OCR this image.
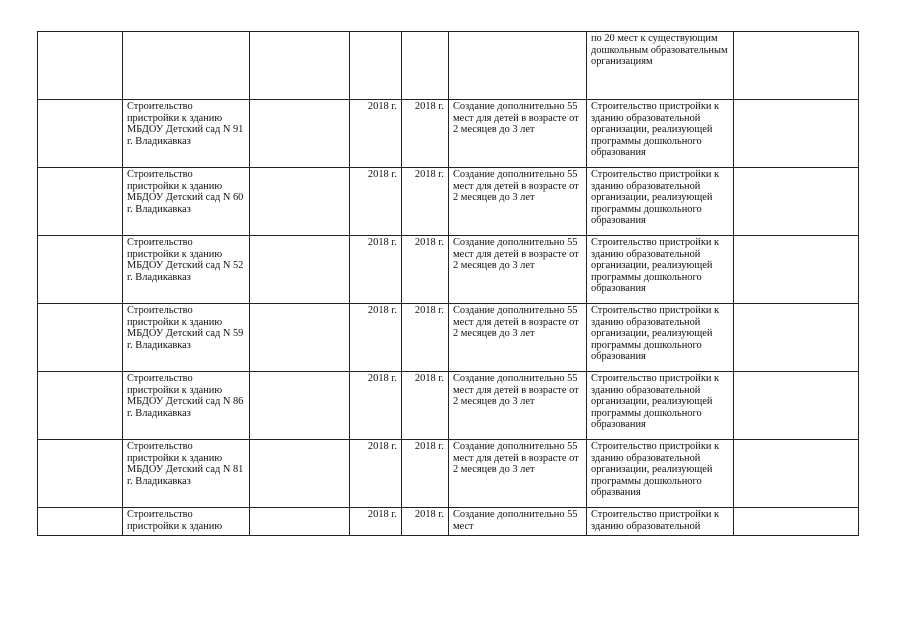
						по 20 мест к существующим дошкольным образовательным организациям	
	Строительство пристройки к зданию МБДОУ Детский сад N 91 г. Владикавказ		2018 г.	2018 г.	Создание дополнительно 55 мест для детей в возрасте от 2 месяцев до 3 лет	Строительство пристройки к зданию образовательной организации, реализующей программы дошкольного образования	
	Строительство пристройки к зданию МБДОУ Детский сад N 60 г. Владикавказ		2018 г.	2018 г.	Создание дополнительно 55 мест для детей в возрасте от 2 месяцев до 3 лет	Строительство пристройки к зданию образовательной организации, реализующей программы дошкольного образования	
	Строительство пристройки к зданию МБДОУ Детский сад N 52 г. Владикавказ		2018 г.	2018 г.	Создание дополнительно 55 мест для детей в возрасте от 2 месяцев до 3 лет	Строительство пристройки к зданию образовательной организации, реализующей программы дошкольного образования	
	Строительство пристройки к зданию МБДОУ Детский сад N 59 г. Владикавказ		2018 г.	2018 г.	Создание дополнительно 55 мест для детей в возрасте от 2 месяцев до 3 лет	Строительство пристройки к зданию образовательной организации, реализующей программы дошкольного образования	
	Строительство пристройки к зданию МБДОУ Детский сад N 86 г. Владикавказ		2018 г.	2018 г.	Создание дополнительно 55 мест для детей в возрасте от 2 месяцев до 3 лет	Строительство пристройки к зданию образовательной организации, реализующей программы дошкольного образования	
	Строительство пристройки к зданию МБДОУ Детский сад N 81 г. Владикавказ		2018 г.	2018 г.	Создание дополнительно 55 мест для детей в возрасте от 2 месяцев до 3 лет	Строительство пристройки к зданию образовательной организации, реализующей программы дошкольного образвания	
	Строительство пристройки к зданию		2018 г.	2018 г.	Создание дополнительно 55 мест	Строительство пристройки к зданию образовательной	
